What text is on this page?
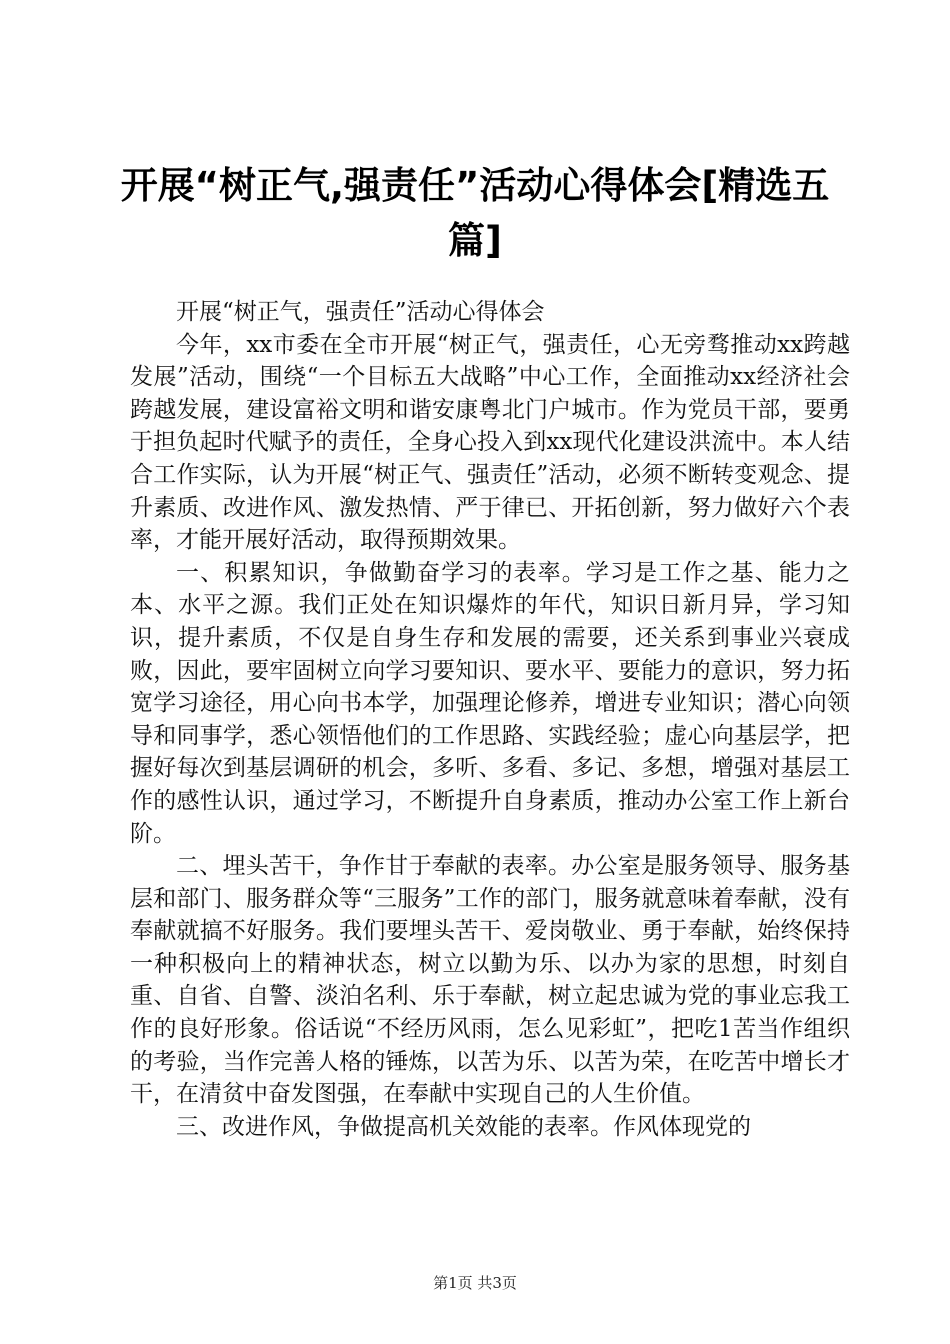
开展“树正气,强责任”活动心得体会[精选五篇]

开展“树正气，强责任”活动心得体会

今年，xx市委在全市开展“树正气，强责任，心无旁骛推动xx跨越发展”活动，围绕“一个目标五大战略”中心工作，全面推动xx经济社会跨越发展，建设富裕文明和谐安康粤北门户城市。作为党员干部，要勇于担负起时代赋予的责任，全身心投入到xx现代化建设洪流中。本人结合工作实际，认为开展“树正气、强责任”活动，必须不断转变观念、提升素质、改进作风、激发热情、严于律已、开拓创新，努力做好六个表率，才能开展好活动，取得预期效果。

一、积累知识，争做勤奋学习的表率。学习是工作之基、能力之本、水平之源。我们正处在知识爆炸的年代，知识日新月异，学习知识，提升素质，不仅是自身生存和发展的需要，还关系到事业兴衰成败，因此，要牢固树立向学习要知识、要水平、要能力的意识，努力拓宽学习途径，用心向书本学，加强理论修养，增进专业知识；潜心向领导和同事学，悉心领悟他们的工作思路、实践经验；虚心向基层学，把握好每次到基层调研的机会，多听、多看、多记、多想，增强对基层工作的感性认识，通过学习，不断提升自身素质，推动办公室工作上新台阶。

二、埋头苦干，争作甘于奉献的表率。办公室是服务领导、服务基层和部门、服务群众等“三服务”工作的部门，服务就意味着奉献，没有奉献就搞不好服务。我们要埋头苦干、爱岗敬业、勇于奉献，始终保持一种积极向上的精神状态，树立以勤为乐、以办为家的思想，时刻自重、自省、自警、淡泊名利、乐于奉献，树立起忠诚为党的事业忘我工作的良好形象。俗话说“不经历风雨，怎么见彩虹”，把吃1苦当作组织的考验，当作完善人格的锤炼，以苦为乐、以苦为荣，在吃苦中增长才干，在清贫中奋发图强，在奉献中实现自己的人生价值。

三、改进作风，争做提高机关效能的表率。作风体现党的

第1页 共3页
